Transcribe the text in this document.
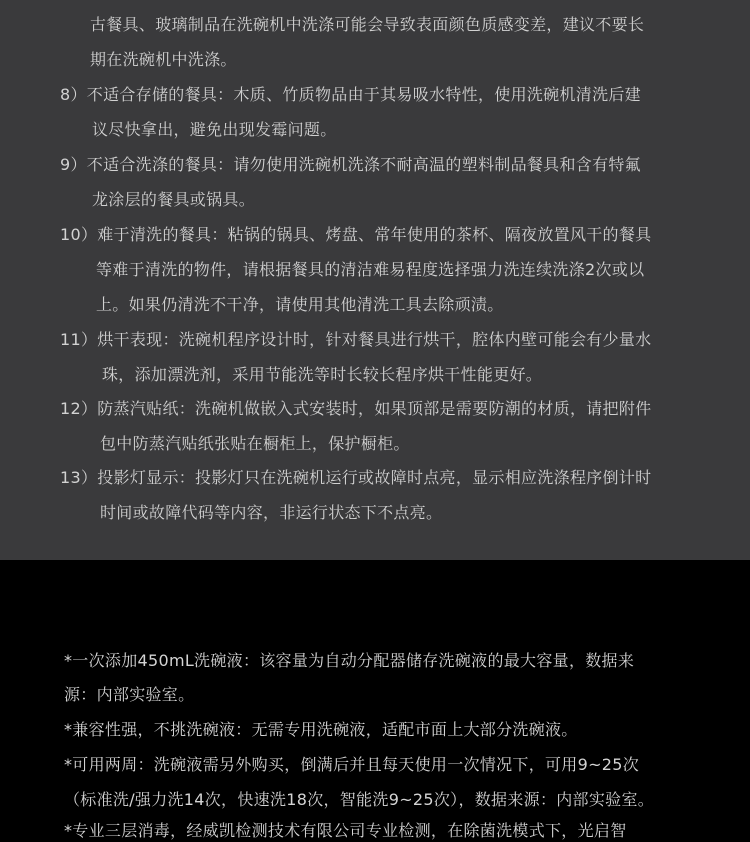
古餐具、玻璃制品在洗碗机中洗涤可能会导致表面颜色质感变差，建议不要长
期在洗碗机中洗涤。
8）不适合存储的餐具：木质、竹质物品由于其易吸水特性，使用洗碗机清洗后建
议尽快拿出，避免出现发霉问题。
9）不适合洗涤的餐具：请勿使用洗碗机洗涤不耐高温的塑料制品餐具和含有特氟
龙涂层的餐具或锅具。
10）难于清洗的餐具：粘锅的锅具、烤盘、常年使用的茶杯、隔夜放置风干的餐具
等难于清洗的物件，请根据餐具的清洁难易程度选择强力洗连续洗涤2次或以
上。如果仍清洗不干净，请使用其他清洗工具去除顽渍。
11）烘干表现：洗碗机程序设计时，针对餐具进行烘干，腔体内壁可能会有少量水
珠，添加漂洗剂，采用节能洗等时长较长程序烘干性能更好。
12）防蒸汽贴纸：洗碗机做嵌入式安装时，如果顶部是需要防潮的材质，请把附件
包中防蒸汽贴纸张贴在橱柜上，保护橱柜。
13）投影灯显示：投影灯只在洗碗机运行或故障时点亮，显示相应洗涤程序倒计时
时间或故障代码等内容，非运行状态下不点亮。
*一次添加450mL洗碗液：该容量为自动分配器储存洗碗液的最大容量，数据来
源：内部实验室。
*兼容性强，不挑洗碗液：无需专用洗碗液，适配市面上大部分洗碗液。
*可用两周：洗碗液需另外购买，倒满后并且每天使用一次情况下，可用9~25次
（标准洗/强力洗14次，快速洗18次，智能洗9~25次），数据来源：内部实验室。
*专业三层消毒，经威凯检测技术有限公司专业检测，在除菌洗模式下，光启智
